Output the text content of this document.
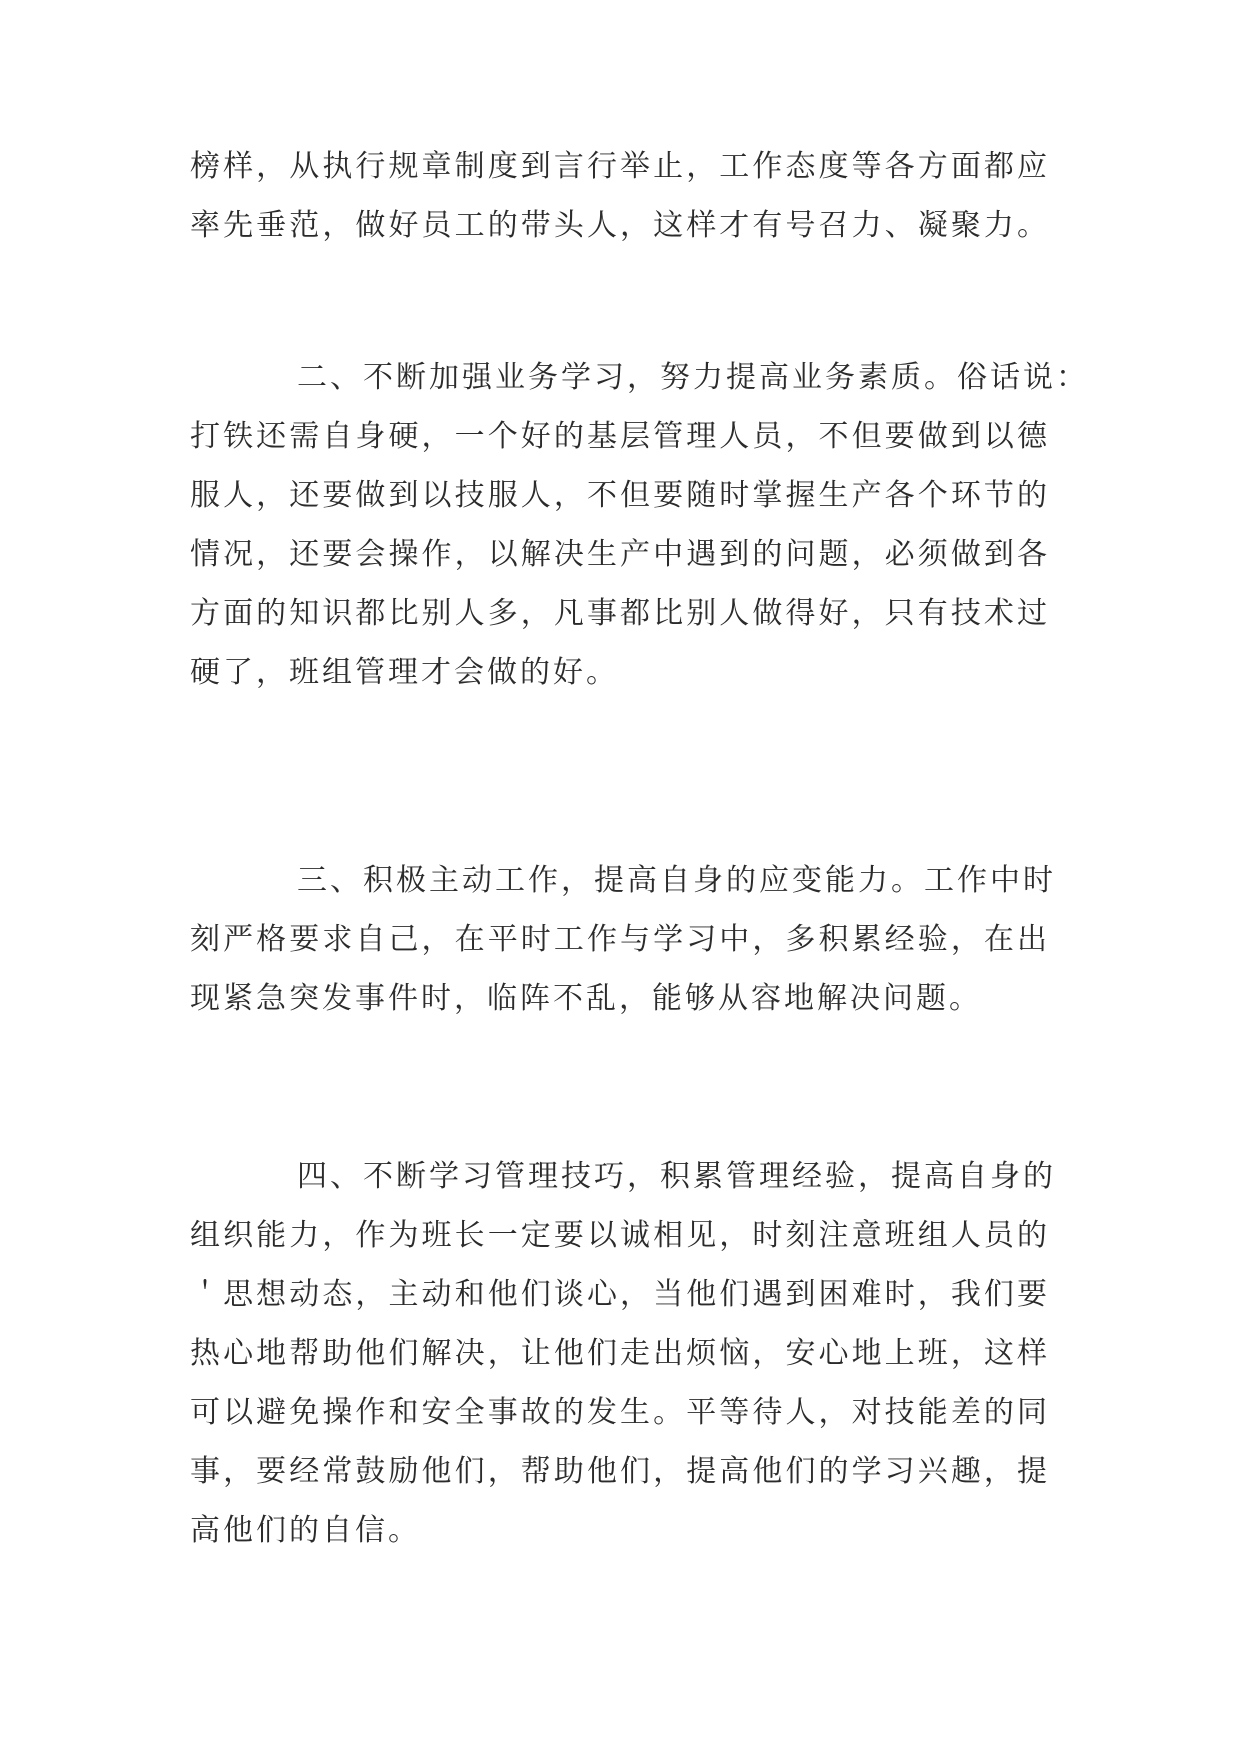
榜样，从执行规章制度到言行举止，工作态度等各方面都应
率先垂范，做好员工的带头人，这样才有号召力、凝聚力。
二、不断加强业务学习，努力提高业务素质。俗话说：
打铁还需自身硬，一个好的基层管理人员，不但要做到以德
服人，还要做到以技服人，不但要随时掌握生产各个环节的
情况，还要会操作，以解决生产中遇到的问题，必须做到各
方面的知识都比别人多，凡事都比别人做得好，只有技术过
硬了，班组管理才会做的好。
三、积极主动工作，提高自身的应变能力。工作中时
刻严格要求自己，在平时工作与学习中，多积累经验，在出
现紧急突发事件时，临阵不乱，能够从容地解决问题。
四、不断学习管理技巧，积累管理经验，提高自身的
组织能力，作为班长一定要以诚相见，时刻注意班组人员的
＇思想动态，主动和他们谈心，当他们遇到困难时，我们要
热心地帮助他们解决，让他们走出烦恼，安心地上班，这样
可以避免操作和安全事故的发生。平等待人，对技能差的同
事，要经常鼓励他们，帮助他们，提高他们的学习兴趣，提
高他们的自信。
